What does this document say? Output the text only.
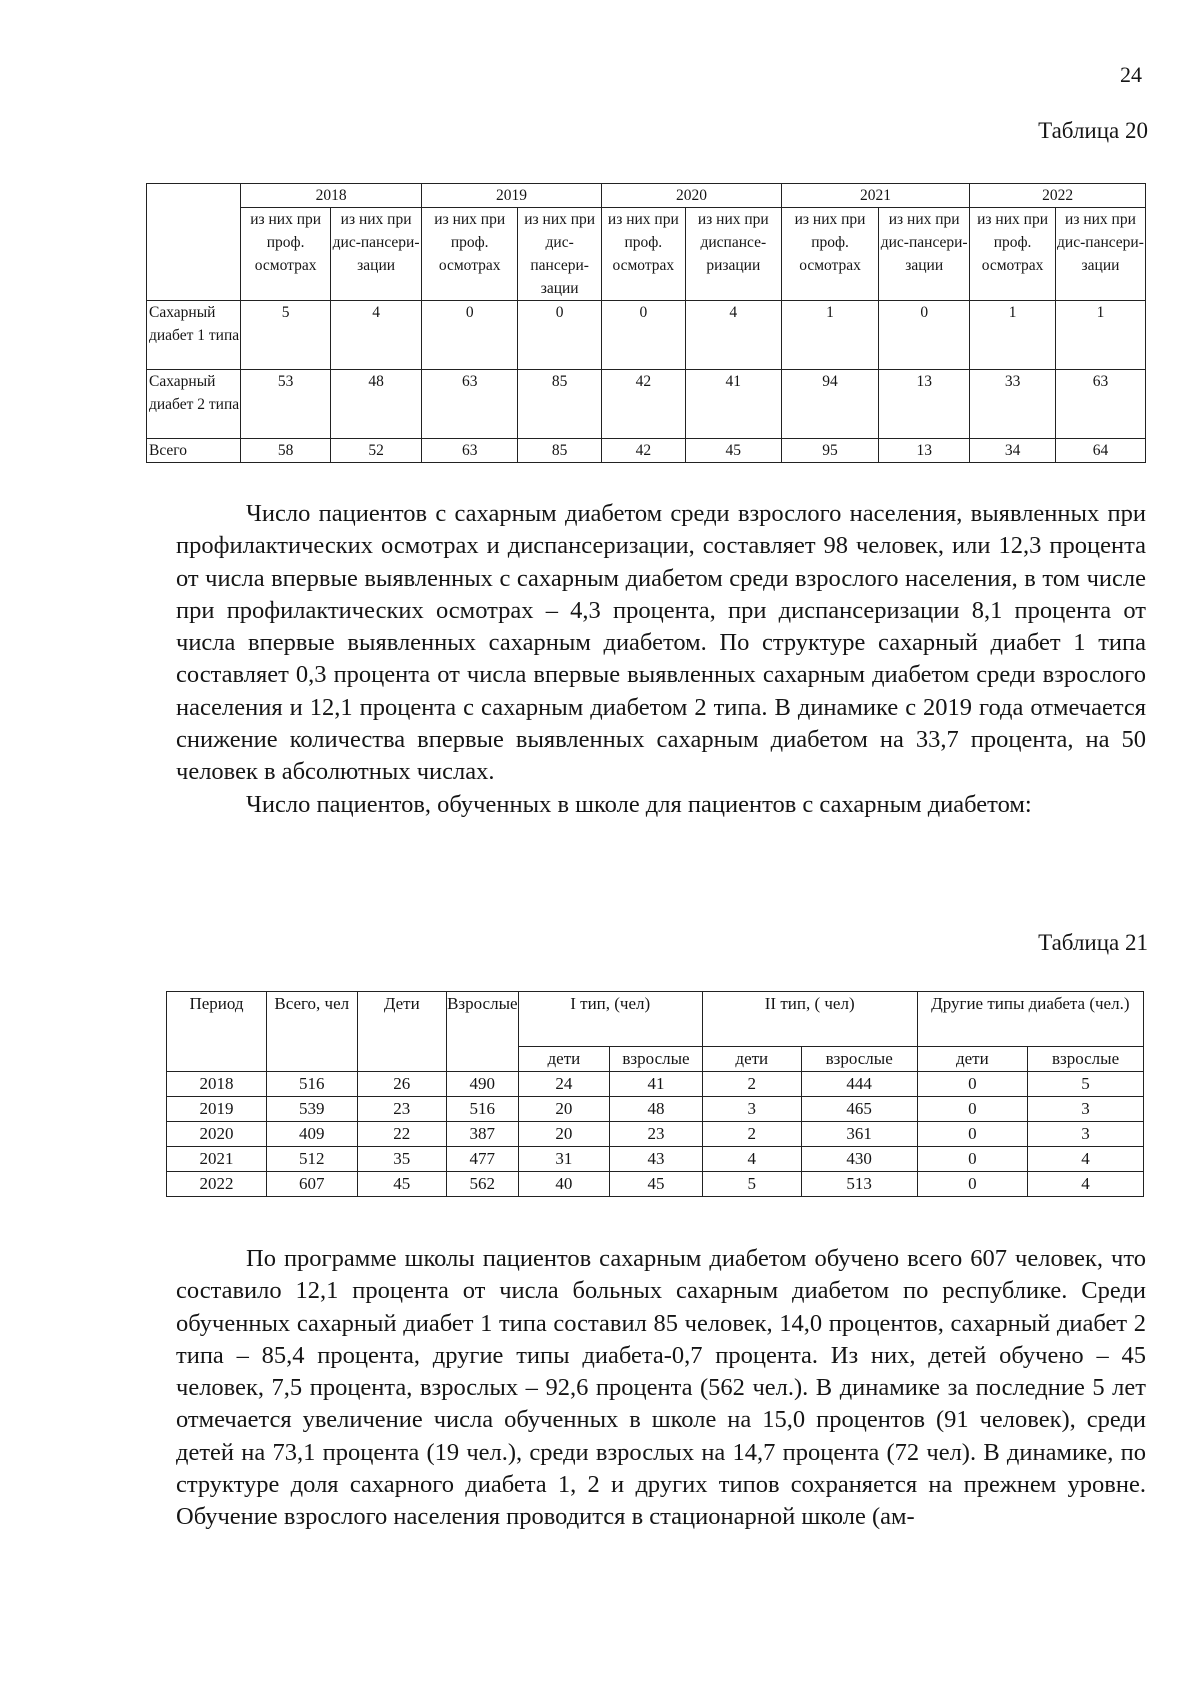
24
Таблица 20
	2018		2019		2020		2021		2022	
	из них при проф. осмотрах	из них при дис-пансери-зации	из них при проф. осмотрах	из них при дис-пансери-зации	из них при проф. осмотрах	из них при диспансе-ризации	из них при проф. осмотрах	из них при дис-пансери-зации	из них при проф. осмотрах	из них при дис-пансери-зации
Сахарный диабет 1 типа	5	4	0	0	0	4	1	0	1	1
Сахарный диабет 2 типа	53	48	63	85	42	41	94	13	33	63
Всего	58	52	63	85	42	45	95	13	34	64

Число пациентов с сахарным диабетом среди взрослого населения, выявленных при профилактических осмотрах и диспансеризации, составляет 98 человек, или 12,3 процента от числа впервые выявленных с сахарным диабетом среди взрослого населения, в том числе при профилактических осмотрах – 4,3 процента, при диспансеризации 8,1 процента от числа впервые выявленных сахарным диабетом. По структуре сахарный диабет 1 типа составляет 0,3 процента от числа впервые выявленных сахарным диабетом среди взрослого населения и 12,1 процента с сахарным диабетом 2 типа. В динамике с 2019 года отмечается снижение количества впервые выявленных сахарным диабетом на 33,7 процента, на 50 человек в абсолютных числах.

Число пациентов, обученных в школе для пациентов с сахарным диабетом:

Таблица 21
Период	Всего, чел	Дети	Взрослые	I тип, (чел)		II тип, ( чел)		Другие типы диабета (чел.)	
				дети	взрослые	дети	взрослые	дети	взрослые
2018	516	26	490	24	41	2	444	0	5
2019	539	23	516	20	48	3	465	0	3
2020	409	22	387	20	23	2	361	0	3
2021	512	35	477	31	43	4	430	0	4
2022	607	45	562	40	45	5	513	0	4

По программе школы пациентов сахарным диабетом обучено всего 607 человек, что составило 12,1 процента от числа больных сахарным диабетом по республике. Среди обученных сахарный диабет 1 типа составил 85 человек, 14,0 процентов, сахарный диабет 2 типа – 85,4 процента, другие типы диабета-0,7 процента. Из них, детей обучено – 45 человек, 7,5 процента, взрослых – 92,6 процента (562 чел.). В динамике за последние 5 лет отмечается увеличение числа обученных в школе на 15,0 процентов (91 человек), среди детей на 73,1 процента (19 чел.), среди взрослых на 14,7 процента (72 чел). В динамике, по структуре доля сахарного диабета 1, 2 и других типов сохраняется на прежнем уровне. Обучение взрослого населения проводится в стационарной школе (ам-
